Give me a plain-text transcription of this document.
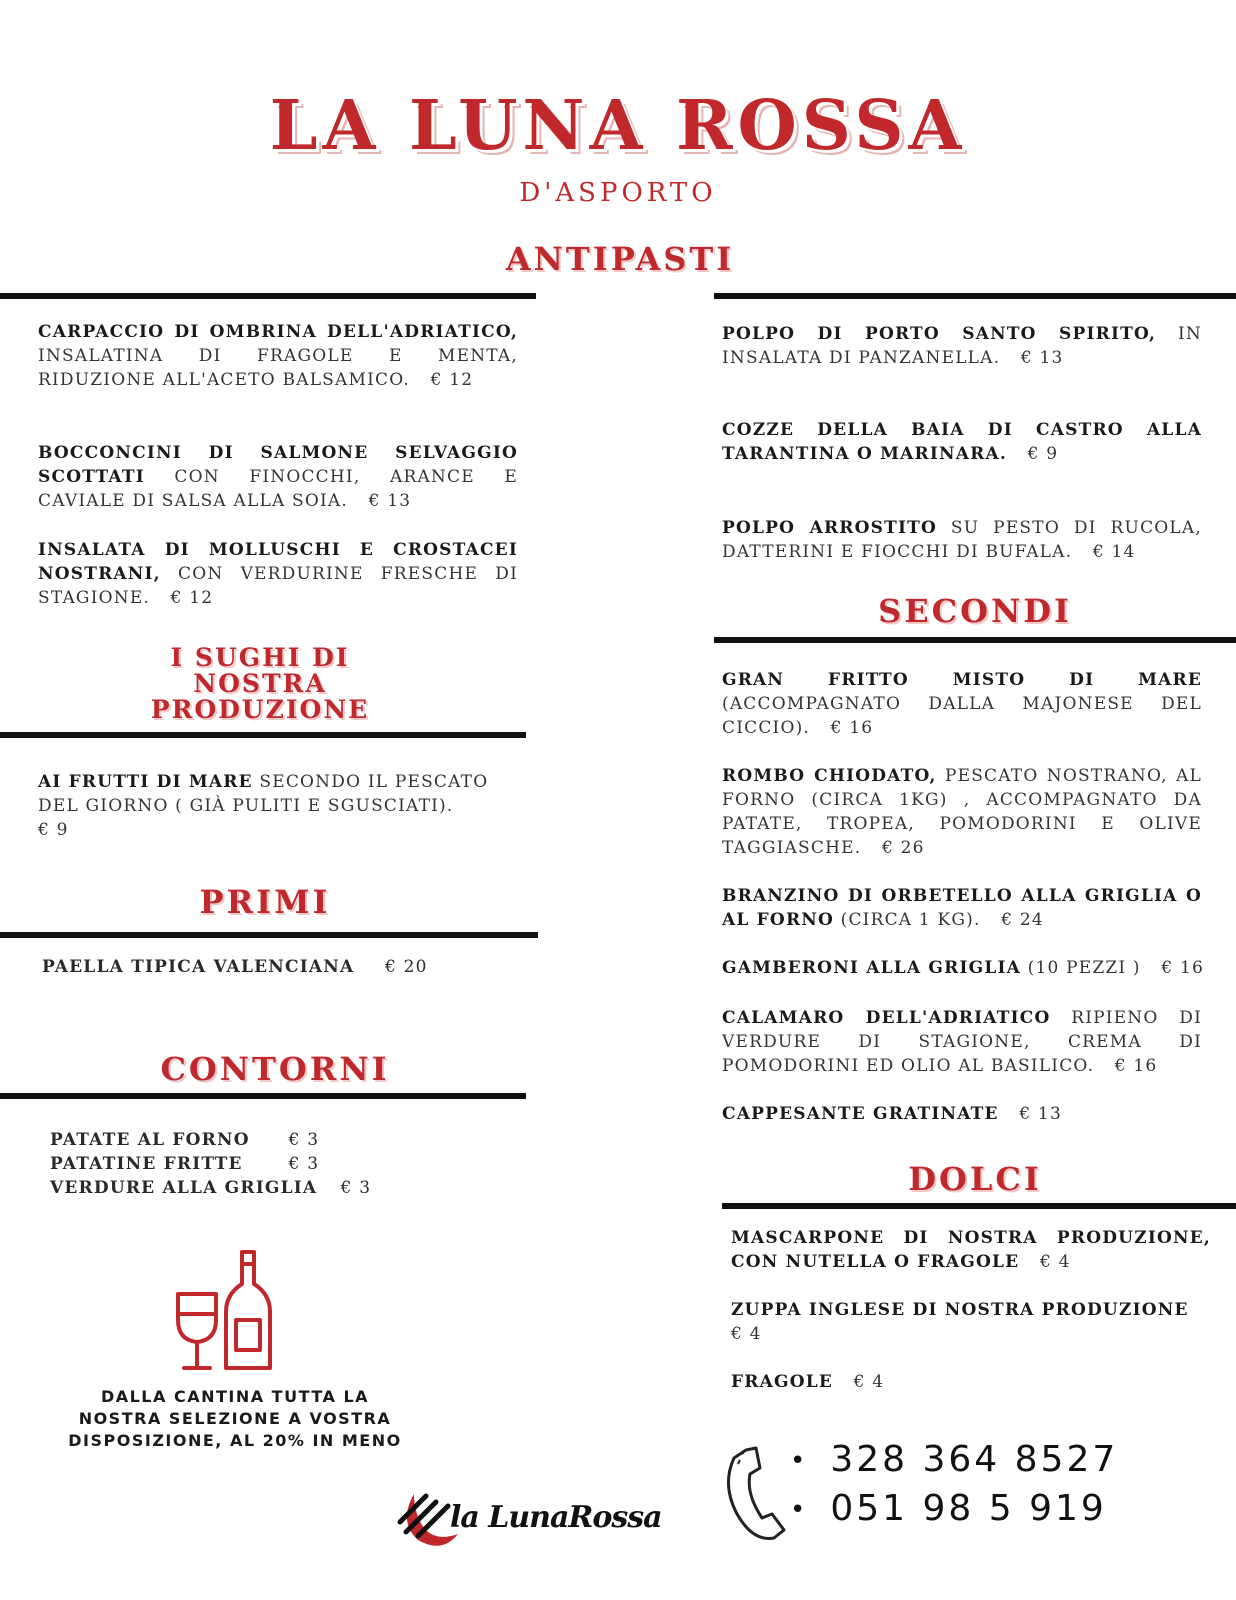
LA LUNA ROSSA
D'ASPORTO
ANTIPASTI
CARPACCIO DI OMBRINA DELL'ADRIATICO, INSALATINA DI FRAGOLE E MENTA, RIDUZIONE ALL'ACETO BALSAMICO. € 12
BOCCONCINI DI SALMONE SELVAGGIO SCOTTATI CON FINOCCHI, ARANCE E CAVIALE DI SALSA ALLA SOIA. € 13
INSALATA DI MOLLUSCHI E CROSTACEI NOSTRANI, CON VERDURINE FRESCHE DI STAGIONE. € 12
POLPO DI PORTO SANTO SPIRITO, IN INSALATA DI PANZANELLA. € 13
COZZE DELLA BAIA DI CASTRO ALLA TARANTINA O MARINARA. € 9
POLPO ARROSTITO SU PESTO DI RUCOLA, DATTERINI E FIOCCHI DI BUFALA. € 14
I SUGHI DI
NOSTRA
PRODUZIONE
AI FRUTTI DI MARE SECONDO IL PESCATO DEL GIORNO ( GIÀ PULITI E SGUSCIATI).
€ 9
PRIMI
PAELLA TIPICA VALENCIANA € 20
CONTORNI
PATATE AL FORNO € 3
PATATINE FRITTE	€ 3
VERDURE ALLA GRIGLIA € 3
DALLA CANTINA TUTTA LA
NOSTRA SELEZIONE A VOSTRA
DISPOSIZIONE, AL 20% IN MENO
la LunaRossa
SECONDI
GRAN FRITTO MISTO DI MARE (ACCOMPAGNATO DALLA MAJONESE DEL CICCIO). € 16
ROMBO CHIODATO, PESCATO NOSTRANO, AL FORNO (CIRCA 1KG) , ACCOMPAGNATO DA PATATE, TROPEA, POMODORINI E OLIVE TAGGIASCHE. € 26
BRANZINO DI ORBETELLO ALLA GRIGLIA O AL FORNO (CIRCA 1 KG). € 24
GAMBERONI ALLA GRIGLIA (10 PEZZI ) € 16
CALAMARO DELL'ADRIATICO RIPIENO DI VERDURE DI STAGIONE, CREMA DI POMODORINI ED OLIO AL BASILICO. € 16
CAPPESANTE GRATINATE € 13
DOLCI
MASCARPONE DI NOSTRA PRODUZIONE, CON NUTELLA O FRAGOLE € 4
ZUPPA INGLESE DI NOSTRA PRODUZIONE
€ 4
FRAGOLE € 4
• 328 364 8527
• 051 98 5 919
